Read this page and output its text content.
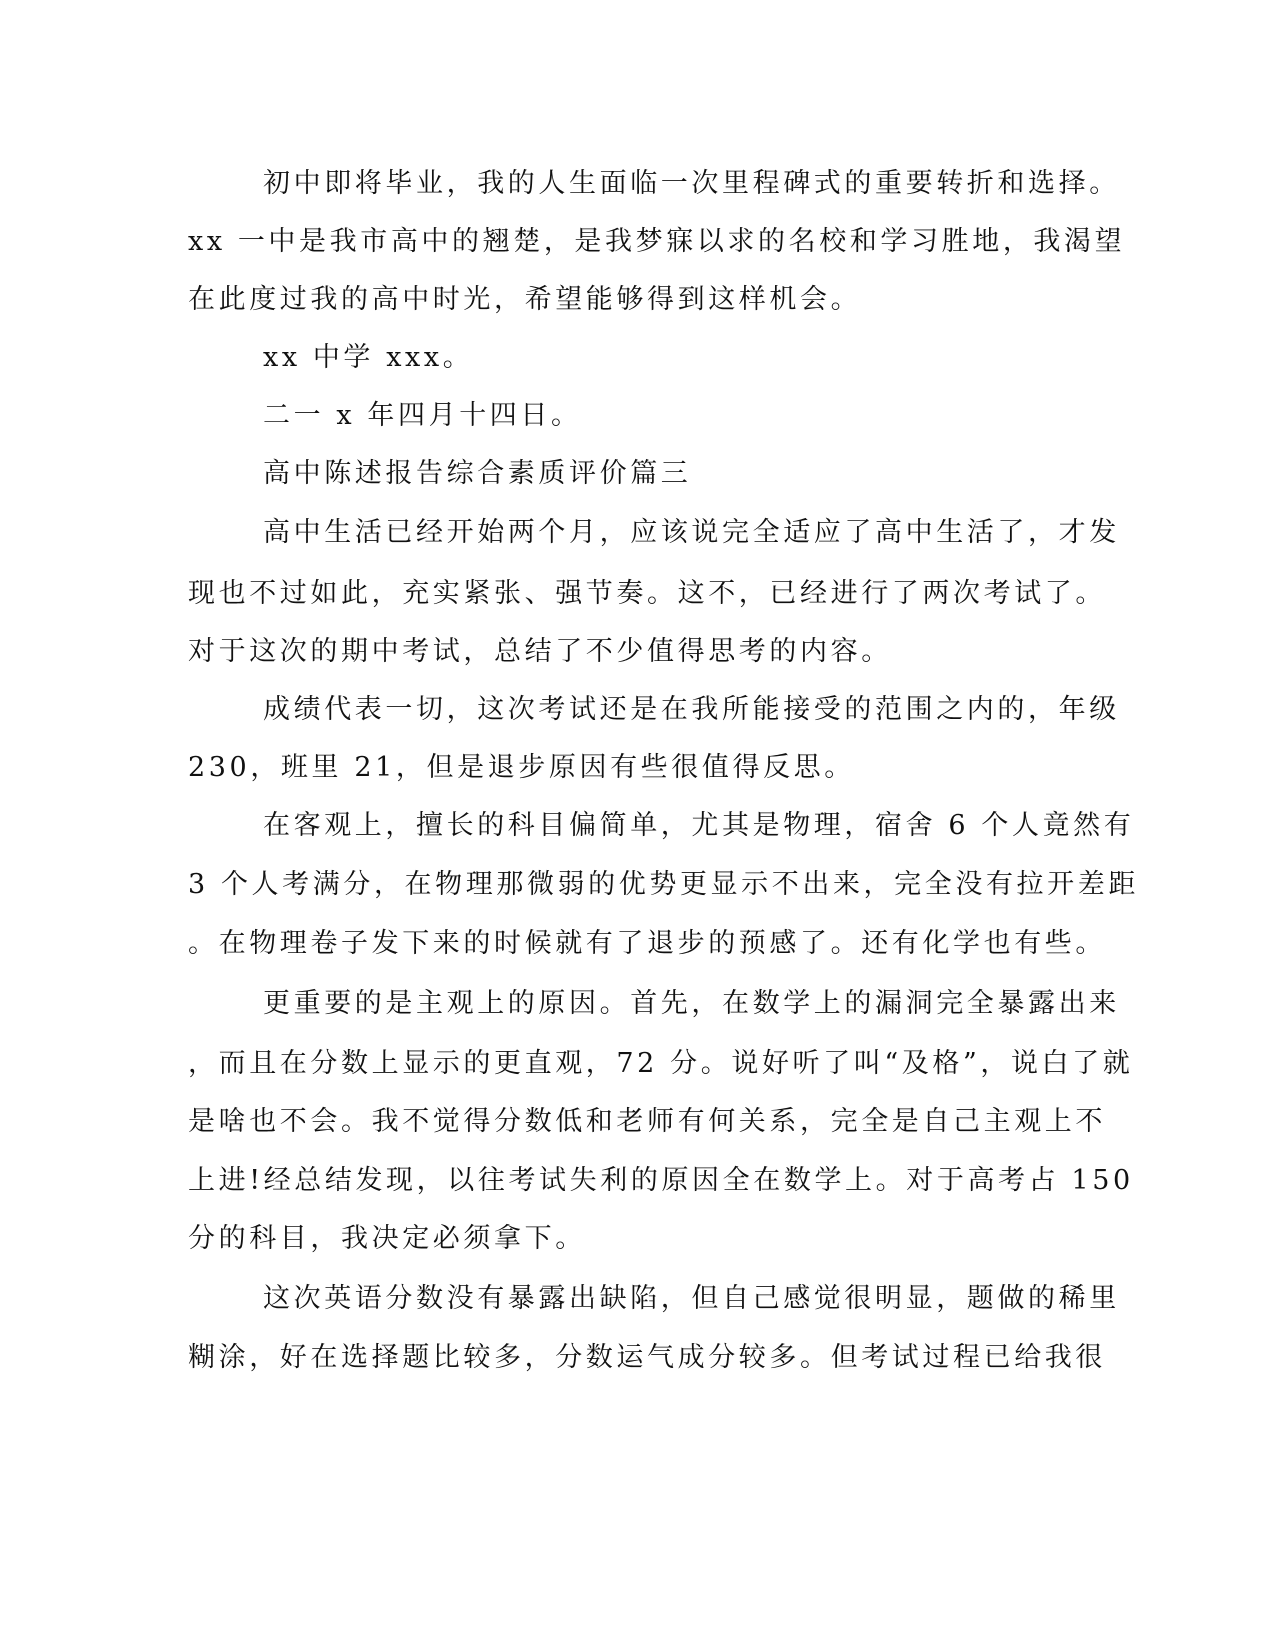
初中即将毕业，我的人生面临一次里程碑式的重要转折和选择。
xx 一中是我市高中的翘楚，是我梦寐以求的名校和学习胜地，我渴望
在此度过我的高中时光，希望能够得到这样机会。
xx 中学 xxx。
二一 x 年四月十四日。
高中陈述报告综合素质评价篇三
高中生活已经开始两个月，应该说完全适应了高中生活了，才发
现也不过如此，充实紧张、强节奏。这不，已经进行了两次考试了。
对于这次的期中考试，总结了不少值得思考的内容。
成绩代表一切，这次考试还是在我所能接受的范围之内的，年级
230，班里 21，但是退步原因有些很值得反思。
在客观上，擅长的科目偏简单，尤其是物理，宿舍 6 个人竟然有
3 个人考满分，在物理那微弱的优势更显示不出来，完全没有拉开差距
。在物理卷子发下来的时候就有了退步的预感了。还有化学也有些。
更重要的是主观上的原因。首先，在数学上的漏洞完全暴露出来
，而且在分数上显示的更直观，72 分。说好听了叫“及格”，说白了就
是啥也不会。我不觉得分数低和老师有何关系，完全是自己主观上不
上进!经总结发现，以往考试失利的原因全在数学上。对于高考占 150
分的科目，我决定必须拿下。
这次英语分数没有暴露出缺陷，但自己感觉很明显，题做的稀里
糊涂，好在选择题比较多，分数运气成分较多。但考试过程已给我很
